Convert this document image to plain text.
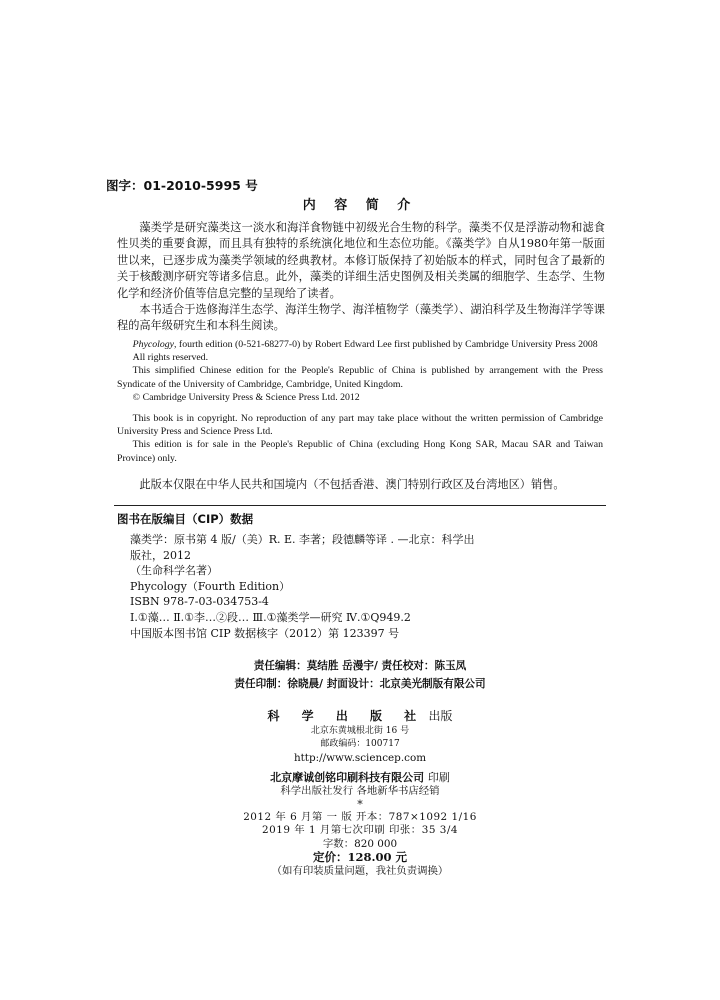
图字：01-2010-5995 号
内 容 简 介

藻类学是研究藻类这一淡水和海洋食物链中初级光合生物的科学。藻类不仅是浮游动物和滤食性贝类的重要食源，而且具有独特的系统演化地位和生态位功能。《藻类学》自从1980年第一版面世以来，已逐步成为藻类学领域的经典教材。本修订版保持了初始版本的样式，同时包含了最新的关于核酸测序研究等诸多信息。此外，藻类的详细生活史图例及相关类属的细胞学、生态学、生物化学和经济价值等信息完整的呈现给了读者。

本书适合于选修海洋生态学、海洋生物学、海洋植物学（藻类学）、湖泊科学及生物海洋学等课程的高年级研究生和本科生阅读。

Phycology, fourth edition (0-521-68277-0) by Robert Edward Lee first published by Cambridge University Press 2008

All rights reserved.

This simplified Chinese edition for the People's Republic of China is published by arrangement with the Press Syndicate of the University of Cambridge, Cambridge, United Kingdom.

© Cambridge University Press & Science Press Ltd. 2012

This book is in copyright. No reproduction of any part may take place without the written permission of Cambridge University Press and Science Press Ltd.

This edition is for sale in the People's Republic of China (excluding Hong Kong SAR, Macau SAR and Taiwan Province) only.

此版本仅限在中华人民共和国境内（不包括香港、澳门特别行政区及台湾地区）销售。
图书在版编目（CIP）数据
藻类学：原书第 4 版/（美）R. E. 李著；段德麟等译 . —北京：科学出
版社，2012
（生命科学名著）
Phycology（Fourth Edition）
ISBN 978-7-03-034753-4
Ⅰ.①藻… Ⅱ.①李…②段… Ⅲ.①藻类学—研究 Ⅳ.①Q949.2
中国版本图书馆 CIP 数据核字（2012）第 123397 号
责任编辑：莫结胜 岳漫宇/ 责任校对：陈玉凤
责任印制：徐晓晨/ 封面设计：北京美光制版有限公司
科 学 出 版 社 出版
北京东黄城根北街 16 号
邮政编码：100717
http://www.sciencep.com
北京摩诚创铭印刷科技有限公司 印刷
科学出版社发行 各地新华书店经销
*
2012 年 6 月第 一 版 开本：787×1092 1/16
2019 年 1 月第七次印刷 印张：35 3/4
字数：820 000
定价：128.00 元
（如有印装质量问题，我社负责调换）
